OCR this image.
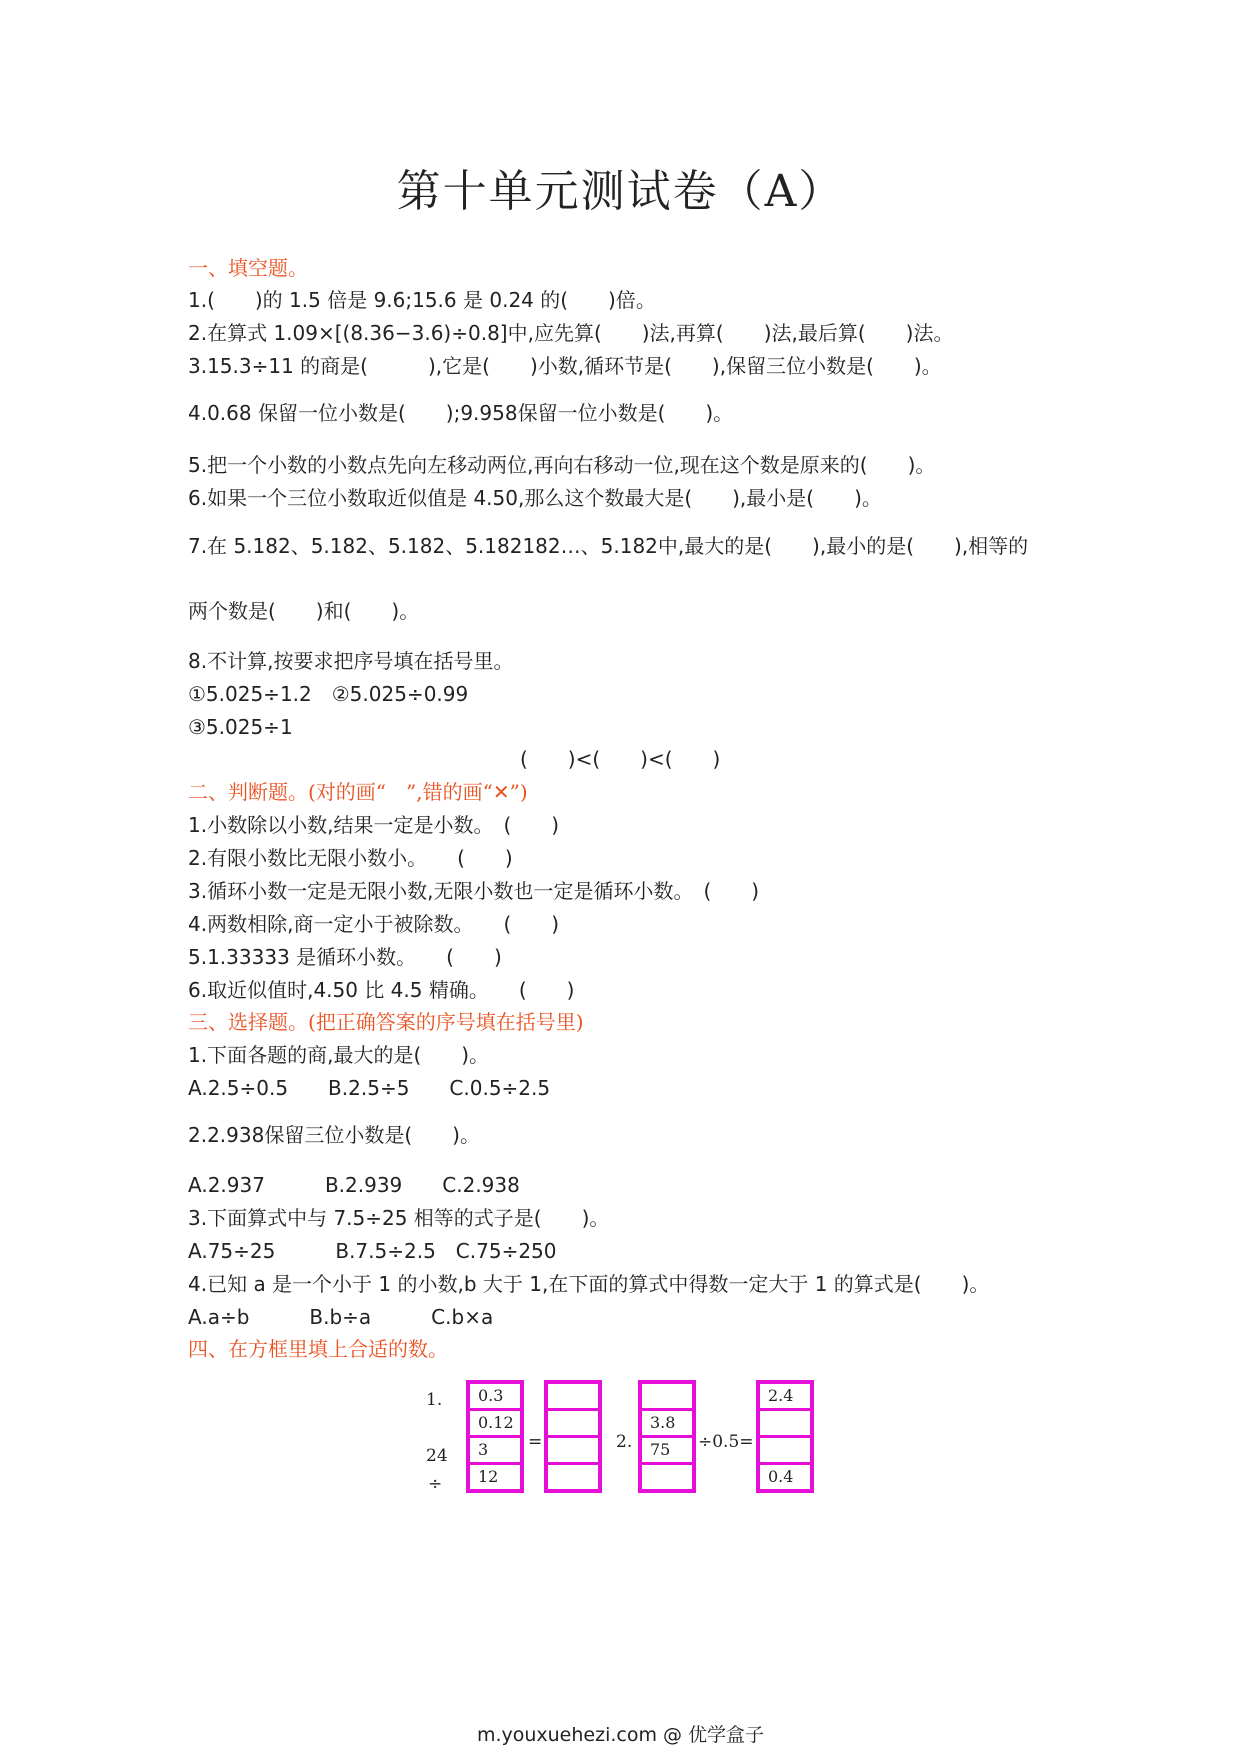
第十单元测试卷（A）
一、填空题。
1.(　　)的 1.5 倍是 9.6;15.6 是 0.24 的(　　)倍。
2.在算式 1.09×[(8.36−3.6)÷0.8]中,应先算(　　)法,再算(　　)法,最后算(　　)法。
3.15.3÷11 的商是(　　　),它是(　　)小数,循环节是(　　),保留三位小数是(　　)。
4.0.68 保留一位小数是(　　);9.958保留一位小数是(　　)。
5.把一个小数的小数点先向左移动两位,再向右移动一位,现在这个数是原来的(　　)。
6.如果一个三位小数取近似值是 4.50,那么这个数最大是(　　),最小是(　　)。
7.在 5.182、5.182、5.182、5.182182…、5.182中,最大的是(　　),最小的是(　　),相等的
两个数是(　　)和(　　)。
8.不计算,按要求把序号填在括号里。
①5.025÷1.2　②5.025÷0.99
③5.025÷1
(　　)<(　　)<(　　)
二、判断题。(对的画“　”,错的画“✕”)
1.小数除以小数,结果一定是小数。　(　　)
2.有限小数比无限小数小。　　(　　)
3.循环小数一定是无限小数,无限小数也一定是循环小数。　(　　)
4.两数相除,商一定小于被除数。　　(　　)
5.1.33333 是循环小数。　　(　　)
6.取近似值时,4.50 比 4.5 精确。　　(　　)
三、选择题。(把正确答案的序号填在括号里)
1.下面各题的商,最大的是(　　)。
A.2.5÷0.5　　B.2.5÷5　　C.0.5÷2.5
2.2.938保留三位小数是(　　)。
A.2.937　　　B.2.939　　C.2.938
3.下面算式中与 7.5÷25 相等的式子是(　　)。
A.75÷25　　　B.7.5÷2.5　C.75÷250
4.已知 a 是一个小于 1 的小数,b 大于 1,在下面的算式中得数一定大于 1 的算式是(　　)。
A.a÷b　　　B.b÷a　　　C.b×a
四、在方框里填上合适的数。
1.
24
÷
0.3
0.12
3
12
=	2.
3.8
75	÷0.5=
2.4
0.4
m.youxuehezi.com @ 优学盒子
